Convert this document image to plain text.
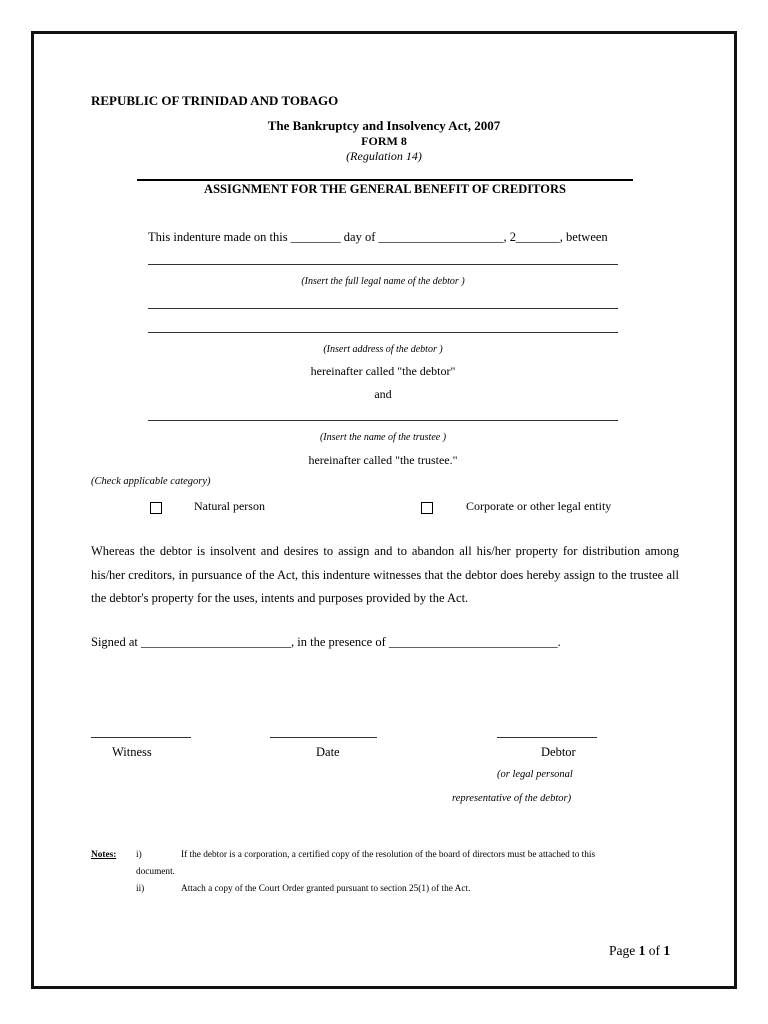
REPUBLIC OF TRINIDAD AND TOBAGO
The Bankruptcy and Insolvency Act, 2007
FORM 8
(Regulation 14)
ASSIGNMENT FOR THE GENERAL BENEFIT OF CREDITORS
This indenture made on this ________ day of ____________________, 2_______, between
(Insert the full legal name of the debtor )
(Insert address of the debtor )
hereinafter called "the debtor"
and
(Insert the name of the trustee )
hereinafter called "the trustee."
(Check applicable category)
Natural person	Corporate or other legal entity
Whereas the debtor is insolvent and desires to assign and to abandon all his/her property for distribution among his/her creditors, in pursuance of the Act, this indenture witnesses that the debtor does hereby assign to the trustee all the debtor's property for the uses, intents and purposes provided by the Act.
Signed at ________________________, in the presence of ___________________________.
Witness	Date	Debtor
(or legal personal
representative of the debtor)
Notes: i)	If the debtor is a corporation, a certified copy of the resolution of the board of directors must be attached to this
document.
ii)	Attach a copy of the Court Order granted pursuant to section 25(1) of the Act.
Page 1 of 1
